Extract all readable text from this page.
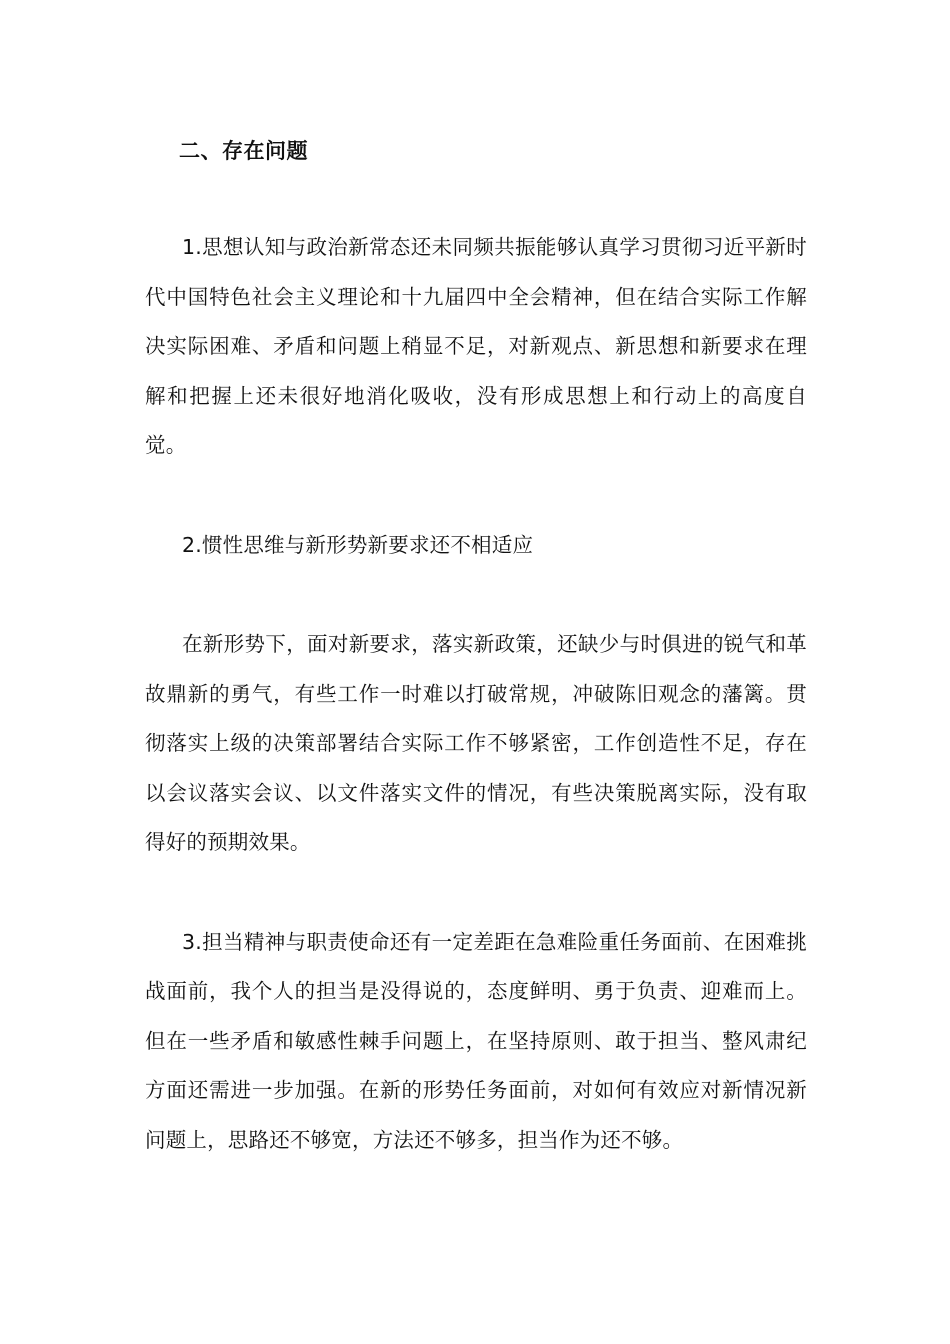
二、存在问题

1.思想认知与政治新常态还未同频共振能够认真学习贯彻习近平新时代中国特色社会主义理论和十九届四中全会精神，但在结合实际工作解决实际困难、矛盾和问题上稍显不足，对新观点、新思想和新要求在理解和把握上还未很好地消化吸收，没有形成思想上和行动上的高度自觉。

2.惯性思维与新形势新要求还不相适应

在新形势下，面对新要求，落实新政策，还缺少与时俱进的锐气和革故鼎新的勇气，有些工作一时难以打破常规，冲破陈旧观念的藩篱。贯彻落实上级的决策部署结合实际工作不够紧密，工作创造性不足，存在以会议落实会议、以文件落实文件的情况，有些决策脱离实际，没有取得好的预期效果。

3.担当精神与职责使命还有一定差距在急难险重任务面前、在困难挑战面前，我个人的担当是没得说的，态度鲜明、勇于负责、迎难而上。但在一些矛盾和敏感性棘手问题上，在坚持原则、敢于担当、整风肃纪方面还需进一步加强。在新的形势任务面前，对如何有效应对新情况新问题上，思路还不够宽，方法还不够多，担当作为还不够。
